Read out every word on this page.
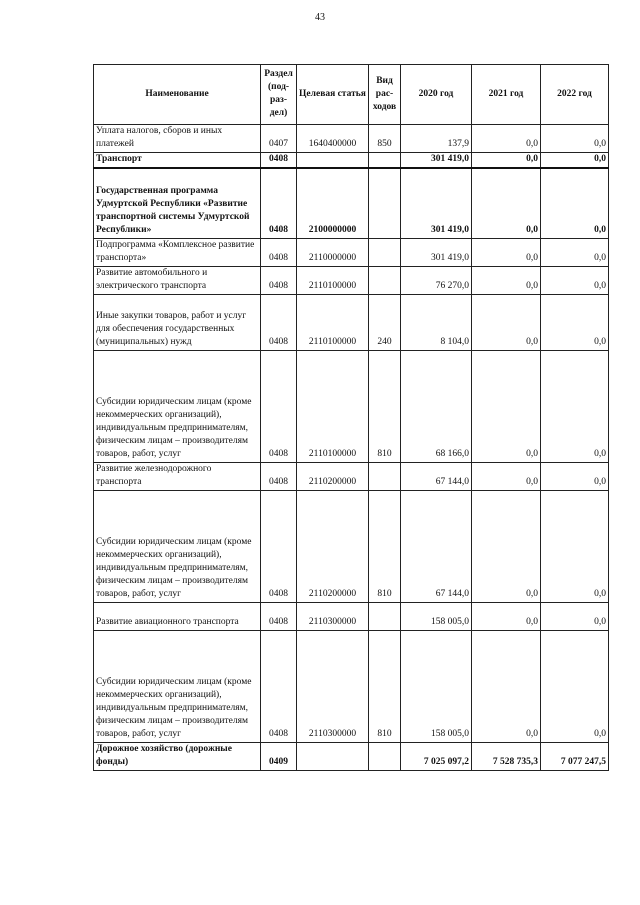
43
Наименование	Раздел (под-раз-дел)	Целевая статья	Вид рас-ходов	2020 год	2021 год	2022 год
Уплата налогов, сборов и иных платежей	0407	1640400000	850	137,9	0,0	0,0
Транспорт	0408			301 419,0	0,0	0,0
Государственная программа Удмуртской Республики «Развитие транспортной системы Удмуртской Республики»	0408	2100000000		301 419,0	0,0	0,0
Подпрограмма «Комплексное развитие транспорта»	0408	2110000000		301 419,0	0,0	0,0
Развитие автомобильного и электрического транспорта	0408	2110100000		76 270,0	0,0	0,0
Иные закупки товаров, работ и услуг для обеспечения государственных (муниципальных) нужд	0408	2110100000	240	8 104,0	0,0	0,0
Субсидии юридическим лицам (кроме некоммерческих организаций), индивидуальным предпринимателям, физическим лицам – производителям товаров, работ, услуг	0408	2110100000	810	68 166,0	0,0	0,0
Развитие железнодорожного транспорта	0408	2110200000		67 144,0	0,0	0,0
Субсидии юридическим лицам (кроме некоммерческих организаций), индивидуальным предпринимателям, физическим лицам – производителям товаров, работ, услуг	0408	2110200000	810	67 144,0	0,0	0,0
Развитие авиационного транспорта	0408	2110300000		158 005,0	0,0	0,0
Субсидии юридическим лицам (кроме некоммерческих организаций), индивидуальным предпринимателям, физическим лицам – производителям товаров, работ, услуг	0408	2110300000	810	158 005,0	0,0	0,0
Дорожное хозяйство (дорожные фонды)	0409			7 025 097,2	7 528 735,3	7 077 247,5
